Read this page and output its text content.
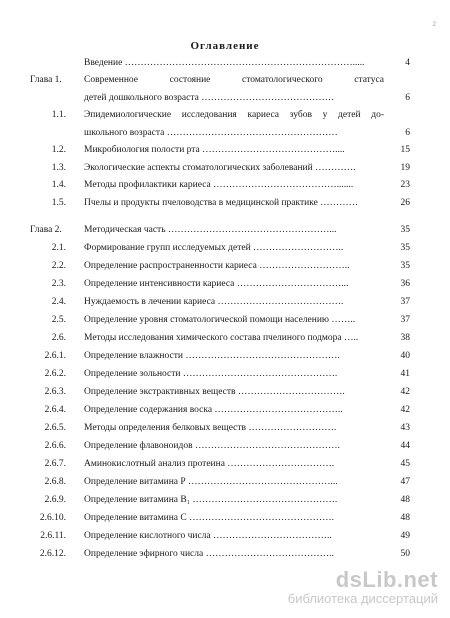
2
Оглавление
Введение ……………………………………………………………….....	4
Глава 1.	Современное состояние стоматологического статуса
детей дошкольного возраста ……………………………………	6
1.1. Эпидемиологические исследования кариеса зубов у детей до-
школьного возраста ………………………………………………	6
1.2. Микробиология полости рта ……………………………………....	15
1.3. Экологические аспекты стоматологических заболеваний ………….	19
1.4. Методы профилактики кариеса ………………………………….......	23
1.5. Пчелы и продукты пчеловодства в медицинской практике …………	26
Глава 2.	Методическая часть ……………………………………………...	35
2.1. Формирование групп исследуемых детей ………………………..	35
2.2. Определение распространенности кариеса ………………………..	35
2.3. Определение интенсивности кариеса ……………………………...	36
2.4. Нуждаемость в лечении кариеса ………………………………….	37
2.5. Определение уровня стоматологической помощи населению ……..	37
2.6. Методы исследования химического состава пчелиного подмора …..	38
2.6.1. Определение влажности ………………………………………….	40
2.6.2. Определение зольности ………………………………………….	41
2.6.3. Определение экстрактивных веществ …………………………….	42
2.6.4. Определение содержания воска …………………………………..	42
2.6.5. Методы определения белковых веществ ……………………….	43
2.6.6. Определение флавоноидов ……………………………………….	44
2.6.7. Аминокислотный анализ протеина …………………………….	45
2.6.8. Определение витамина Р ………………………………………...	47
2.6.9. Определение витамина В₁ ……………………………………….	48
2.6.10. Определение витамина С ……………………………………….	48
2.6.11. Определение кислотного числа ………………………………..	49
2.6.12. Определение эфирного числа …………………………………..	50
dsLib.net
библиотека диссертаций
